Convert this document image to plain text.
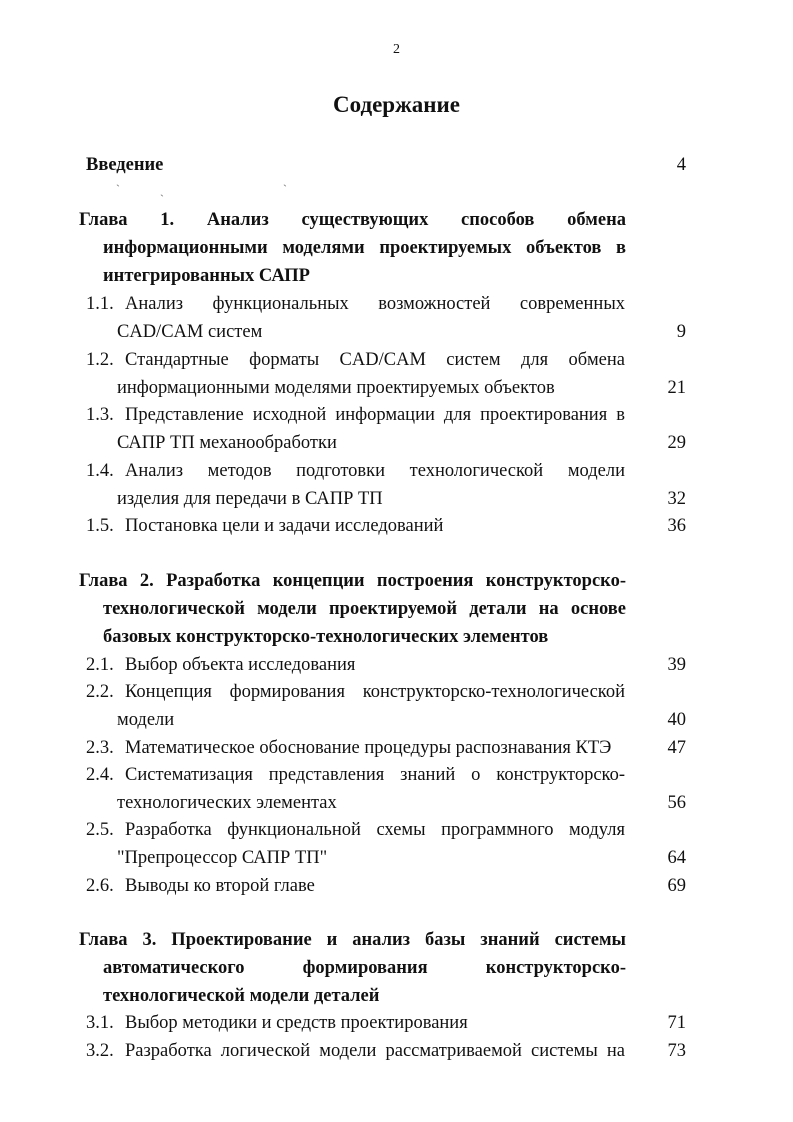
2
Содержание
Введение	4
`	ˎ	ˋ
Глава 1. Анализ существующих способов обмена
информационными моделями проектируемых объектов в
интегрированных САПР
1.1. Анализ функциональных возможностей современных
CAD/CAM систем	9
1.2. Стандартные форматы CAD/CAM систем для обмена
информационными моделями проектируемых объектов	21
1.3. Представление исходной информации для проектирования в
САПР ТП механообработки	29
1.4. Анализ методов подготовки технологической модели
изделия для передачи в САПР ТП	32
1.5. Постановка цели и задачи исследований	36
Глава 2. Разработка концепции построения конструкторско-
технологической модели проектируемой детали на основе
базовых конструкторско-технологических элементов
2.1. Выбор объекта исследования	39
2.2. Концепция формирования конструкторско-технологической
модели	40
2.3. Математическое обоснование процедуры распознавания КТЭ	47
2.4. Систематизация представления знаний о конструкторско-
технологических элементах	56
2.5. Разработка функциональной схемы программного модуля
"Препроцессор САПР ТП"	64
2.6. Выводы ко второй главе	69
Глава 3. Проектирование и анализ базы знаний системы
автоматического формирования конструкторско-
технологической модели деталей
3.1. Выбор методики и средств проектирования	71
3.2. Разработка логической модели рассматриваемой системы на	73
